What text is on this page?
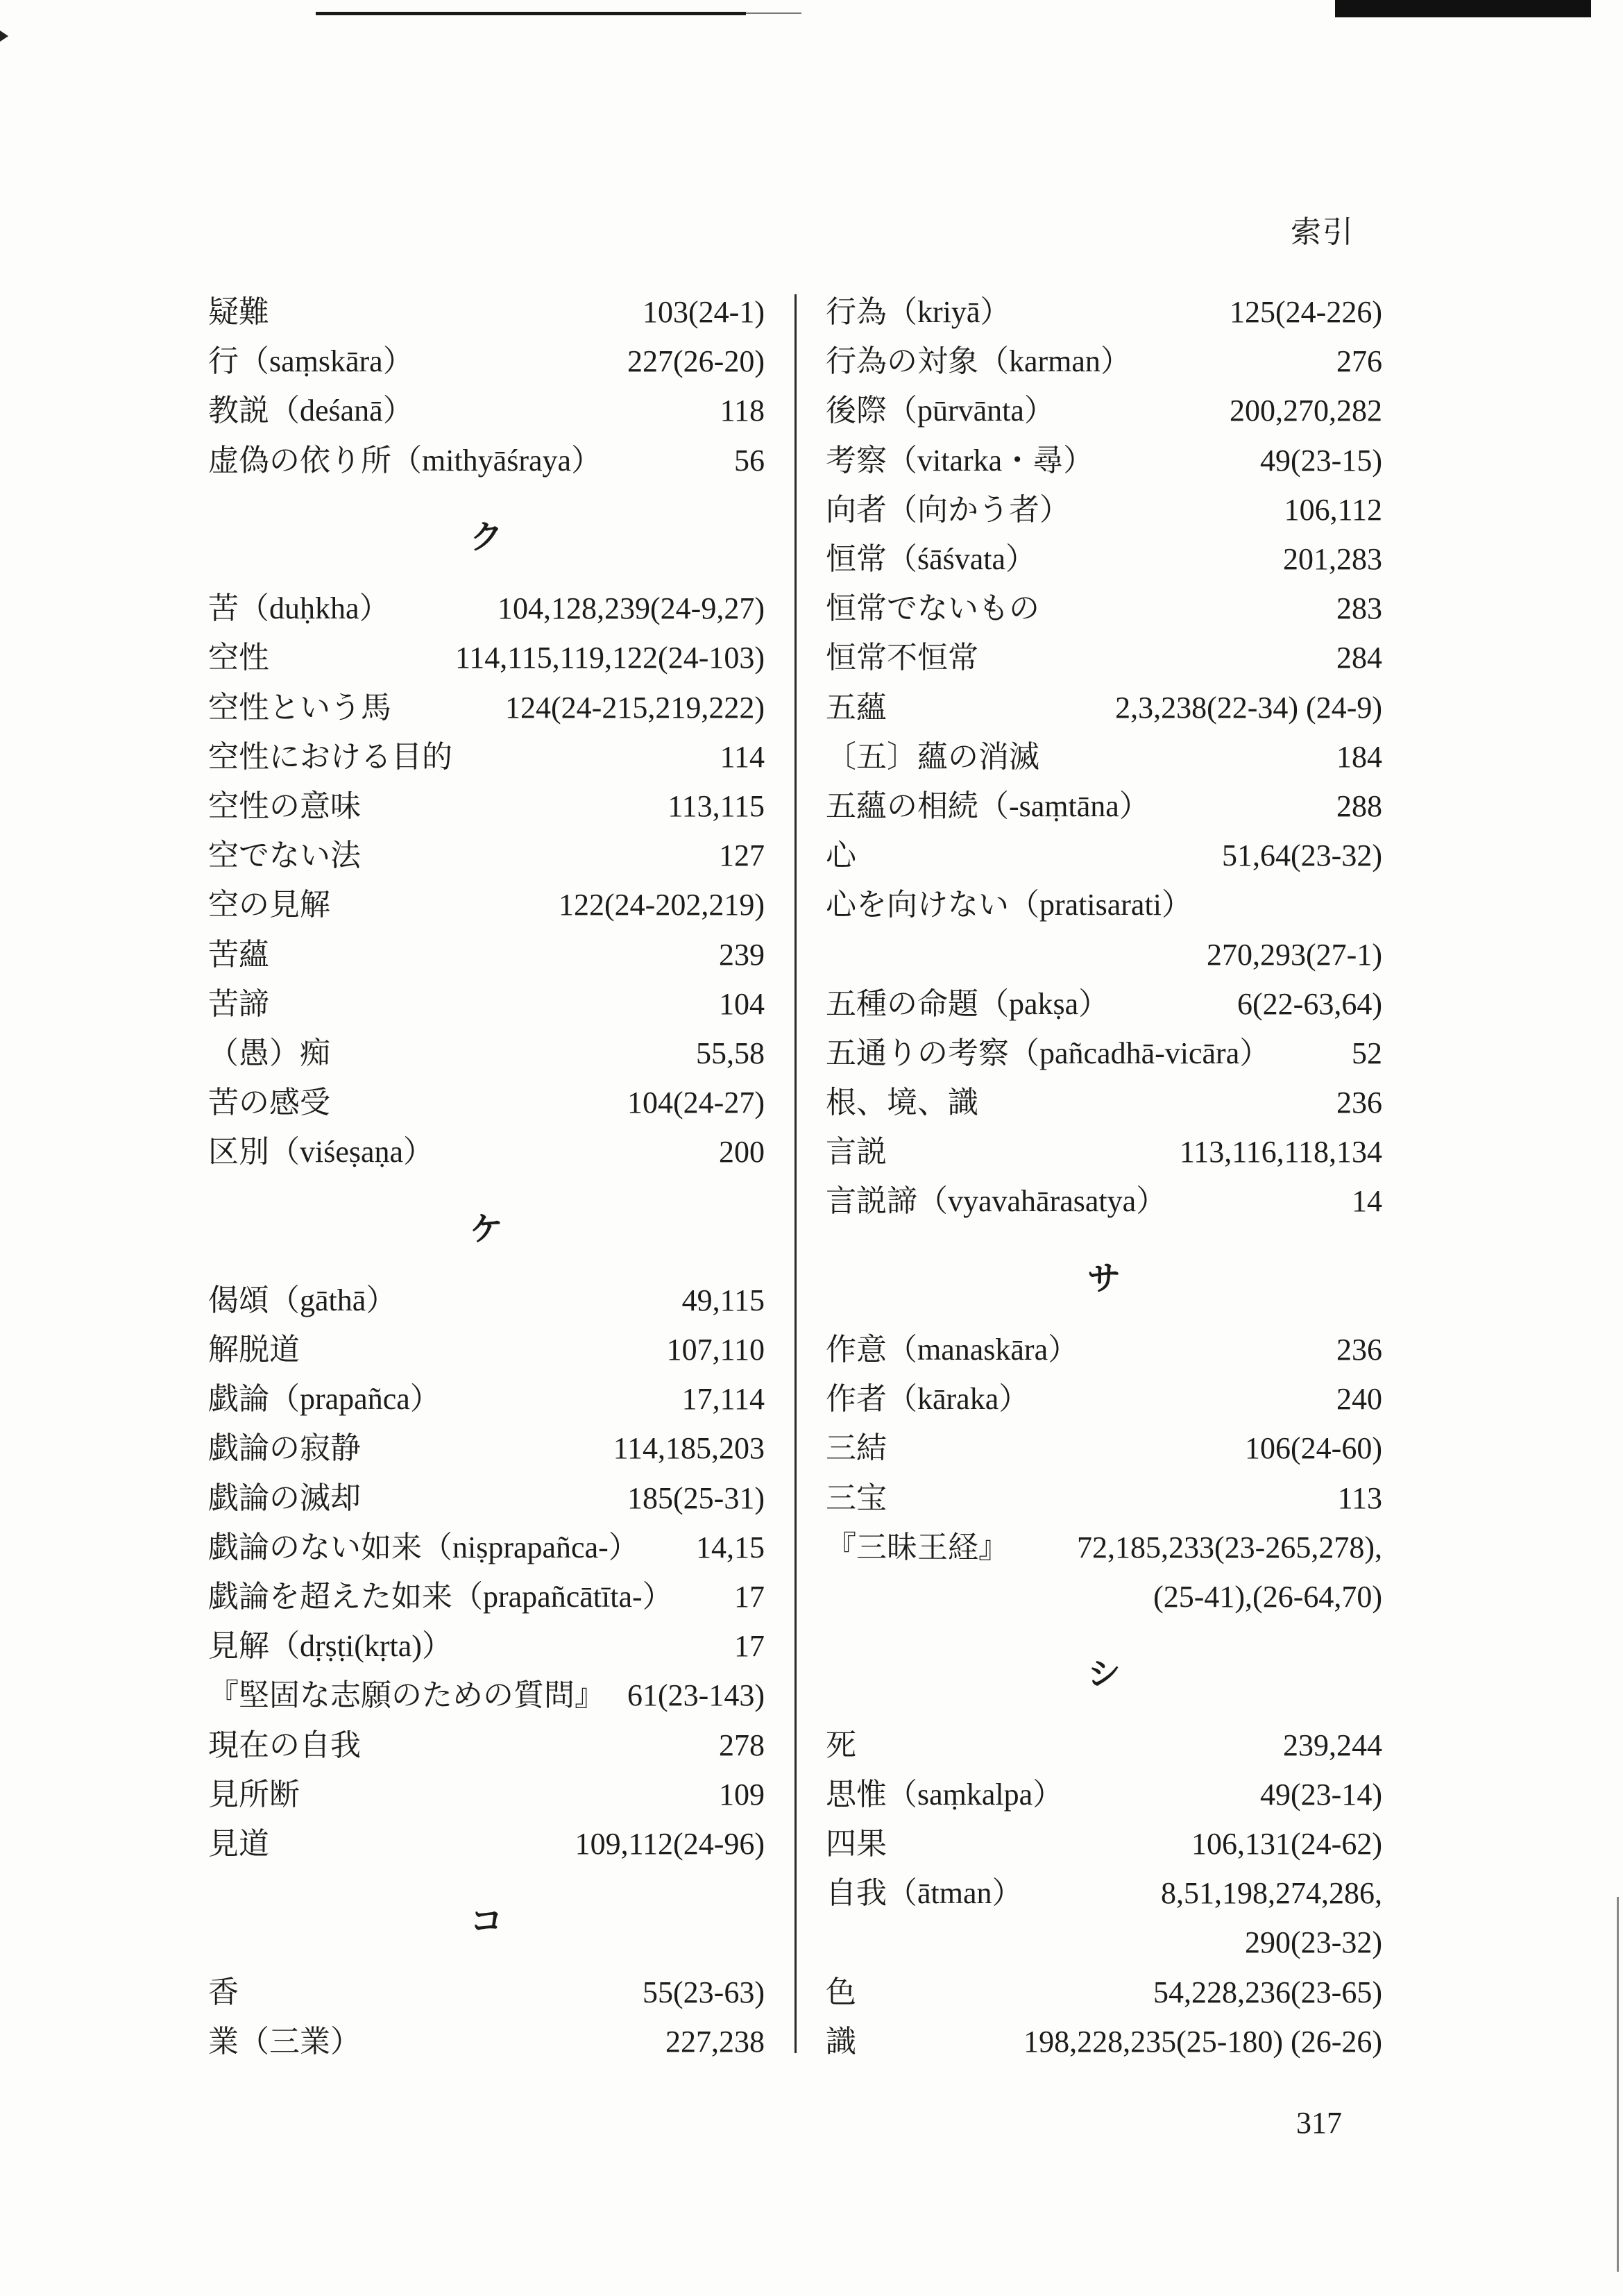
索引
疑難	103(24-1)
行（saṃskāra）	227(26-20)
教説（deśanā）	118
虚偽の依り所（mithyāśraya）	56
ク
苦（duḥkha）	104,128,239(24-9,27)
空性	114,115,119,122(24-103)
空性という馬	124(24-215,219,222)
空性における目的	114
空性の意味	113,115
空でない法	127
空の見解	122(24-202,219)
苦蘊	239
苦諦	104
（愚）痴	55,58
苦の感受	104(24-27)
区別（viśeṣaṇa）	200
ケ
偈頌（gāthā）	49,115
解脱道	107,110
戯論（prapañca）	17,114
戯論の寂静	114,185,203
戯論の滅却	185(25-31)
戯論のない如来（niṣprapañca-） 14,15
戯論を超えた如来（prapañcātīta-） 17
見解（dṛṣṭi(kṛta)）	17
『堅固な志願のための質問』 61(23-143)
現在の自我	278
見所断	109
見道	109,112(24-96)
コ
香	55(23-63)
業（三業）	227,238
行為（kriyā）	125(24-226)
行為の対象（karman）	276
後際（pūrvānta）	200,270,282
考察（vitarka・尋）	49(23-15)
向者（向かう者）	106,112
恒常（śāśvata）	201,283
恒常でないもの	283
恒常不恒常	284
五蘊	2,3,238(22-34) (24-9)
〔五〕蘊の消滅	184
五蘊の相続（-saṃtāna）	288
心	51,64(23-32)
心を向けない（pratisarati）
270,293(27-1)
五種の命題（pakṣa）	6(22-63,64)
五通りの考察（pañcadhā-vicāra）	52
根、境、識	236
言説	113,116,118,134
言説諦（vyavahārasatya）	14
サ
作意（manaskāra）	236
作者（kāraka）	240
三結	106(24-60)
三宝	113
『三昧王経』 72,185,233(23-265,278),
(25-41),(26-64,70)
シ
死	239,244
思惟（saṃkalpa）	49(23-14)
四果	106,131(24-62)
自我（ātman）	8,51,198,274,286,
290(23-32)
色	54,228,236(23-65)
識	198,228,235(25-180) (26-26)
317
